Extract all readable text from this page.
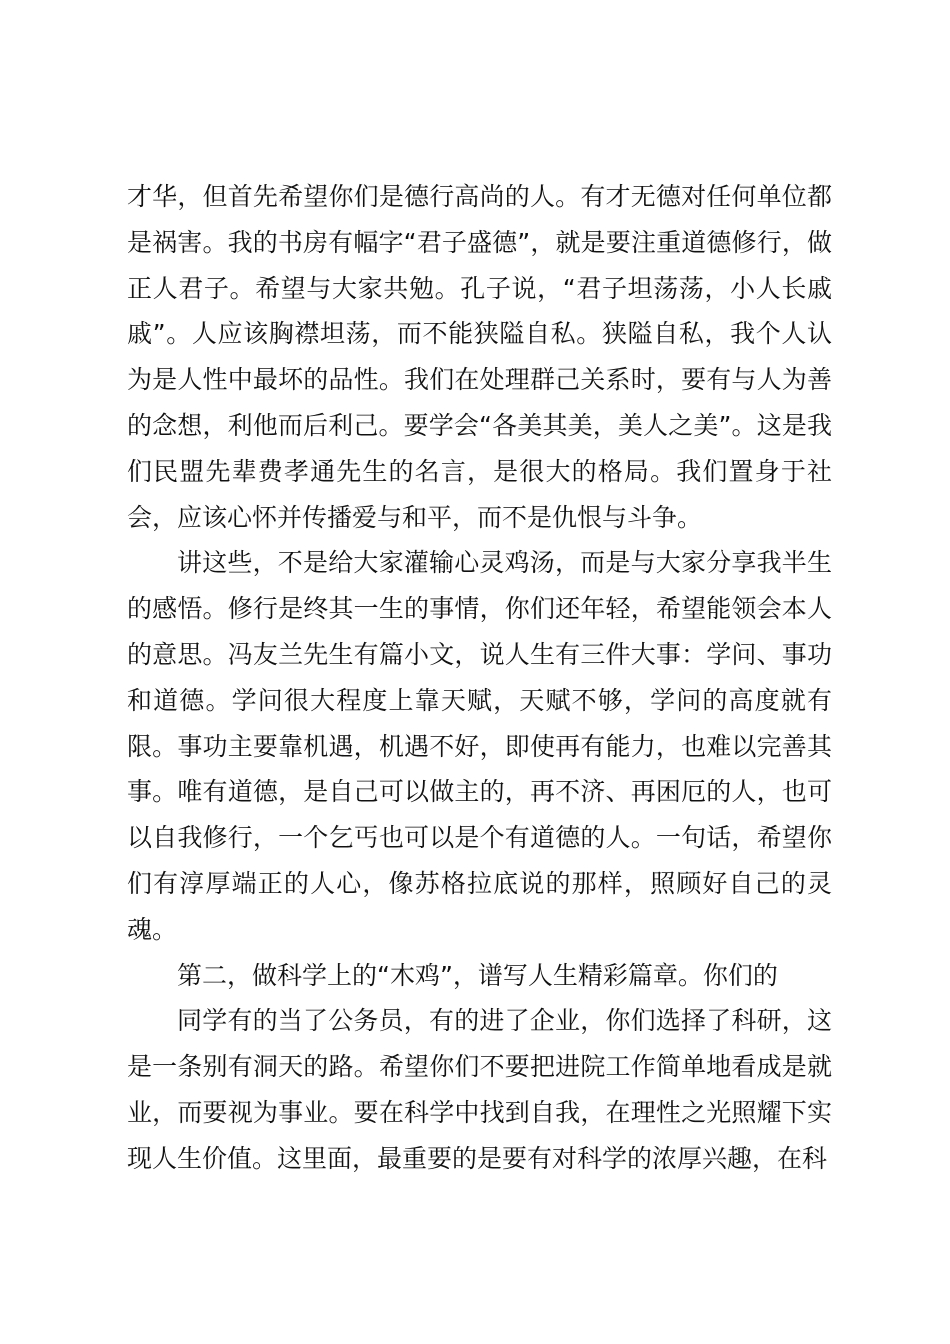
才华，但首先希望你们是德行高尚的人。有才无德对任何单位都是祸害。我的书房有幅字“君子盛德”，就是要注重道德修行，做正人君子。希望与大家共勉。孔子说，“君子坦荡荡，小人长戚戚”。人应该胸襟坦荡，而不能狭隘自私。狭隘自私，我个人认为是人性中最坏的品性。我们在处理群己关系时，要有与人为善的念想，利他而后利己。要学会“各美其美，美人之美”。这是我们民盟先辈费孝通先生的名言，是很大的格局。我们置身于社会，应该心怀并传播爱与和平，而不是仇恨与斗争。

讲这些，不是给大家灌输心灵鸡汤，而是与大家分享我半生的感悟。修行是终其一生的事情，你们还年轻，希望能领会本人的意思。冯友兰先生有篇小文，说人生有三件大事：学问、事功和道德。学问很大程度上靠天赋，天赋不够，学问的高度就有限。事功主要靠机遇，机遇不好，即使再有能力，也难以完善其事。唯有道德，是自己可以做主的，再不济、再困厄的人，也可以自我修行，一个乞丐也可以是个有道德的人。一句话，希望你们有淳厚端正的人心，像苏格拉底说的那样，照顾好自己的灵魂。

第二，做科学上的“木鸡”，谱写人生精彩篇章。你们的

同学有的当了公务员，有的进了企业，你们选择了科研，这是一条别有洞天的路。希望你们不要把进院工作简单地看成是就业，而要视为事业。要在科学中找到自我，在理性之光照耀下实现人生价值。这里面，最重要的是要有对科学的浓厚兴趣，在科
